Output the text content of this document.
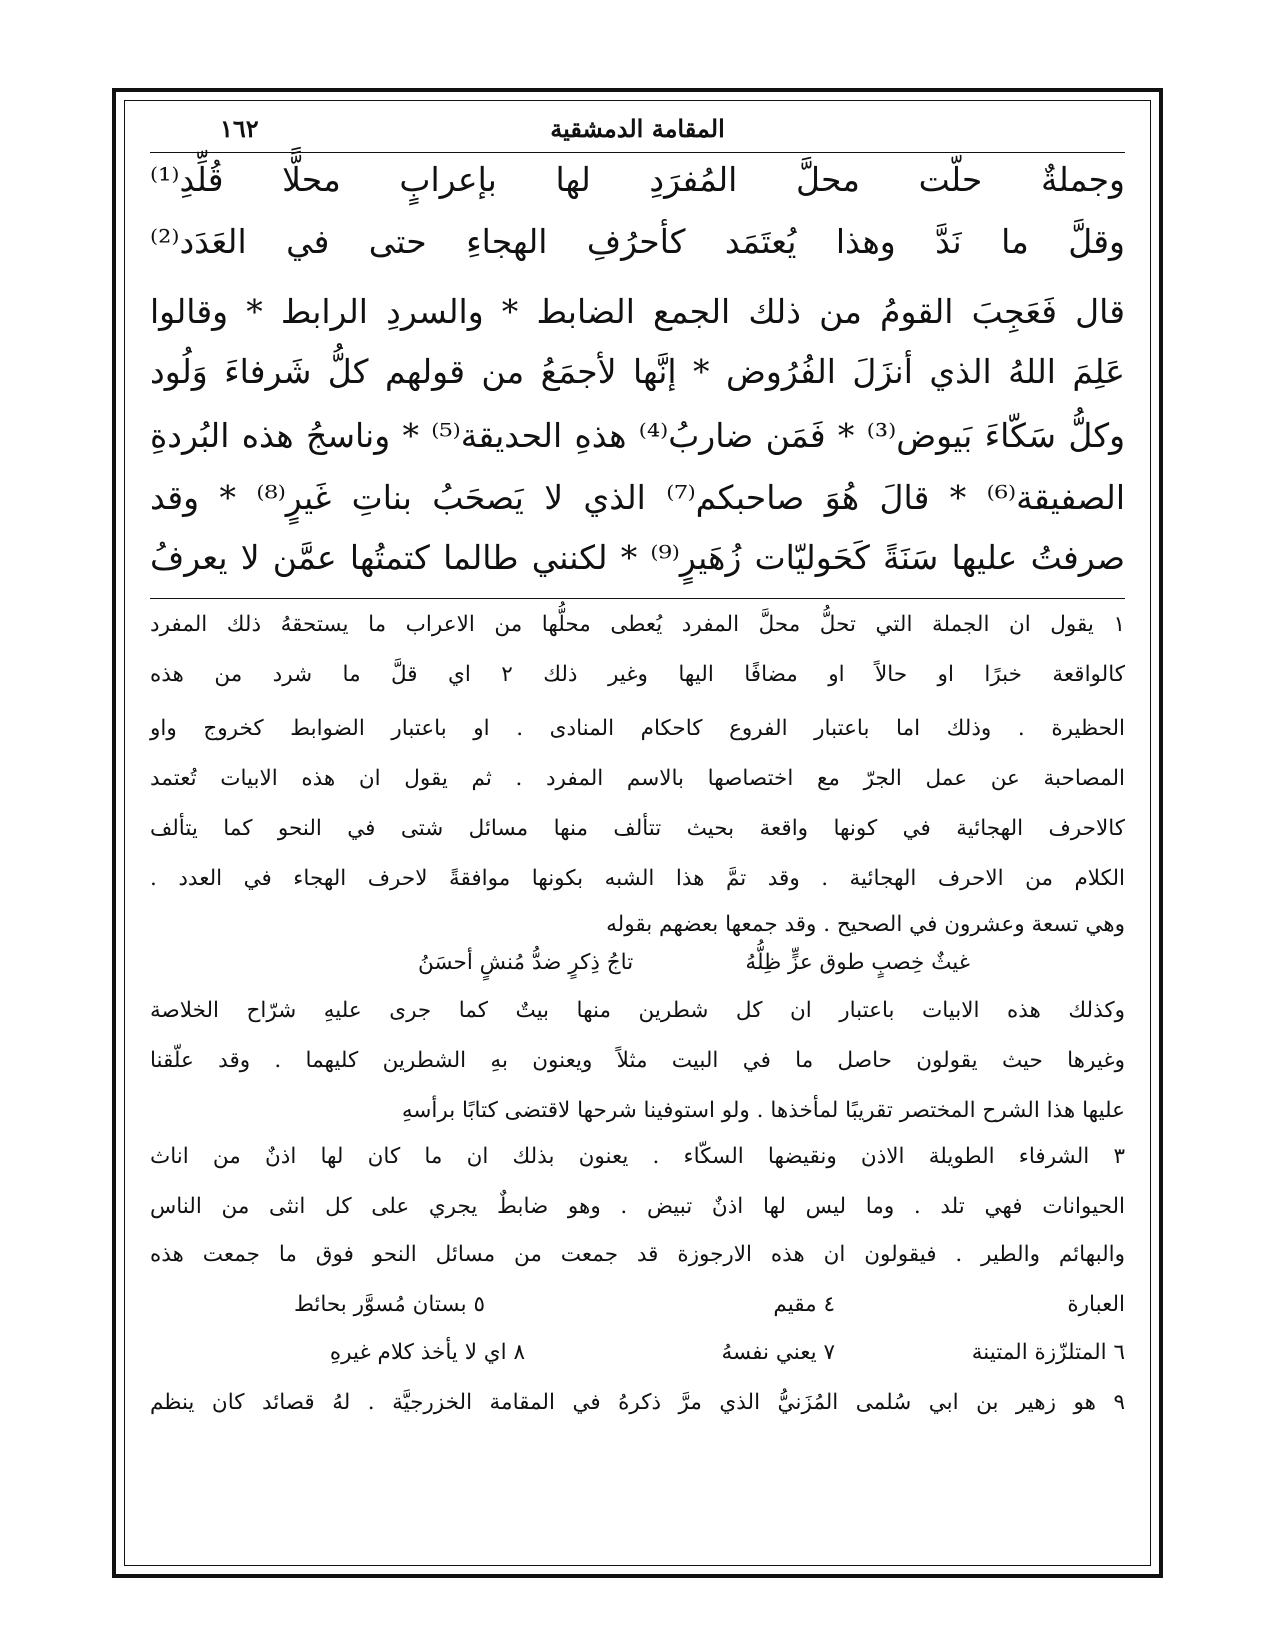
المقامة الدمشقية
١٦٢
وجملةٌ حلّت محلَّ المُفرَدِ لها بإعرابٍ محلًّا قُلِّدِ⁽¹⁾
وقلَّ ما نَدَّ وهذا يُعتَمَد كأحرُفِ الهجاءِ حتى في العَدَد⁽²⁾
قال فَعَجِبَ القومُ من ذلك الجمع الضابط * والسردِ الرابط * وقالوا
عَلِمَ اللهُ الذي أنزَلَ الفُرُوض * إنَّها لأجمَعُ من قولهم كلُّ شَرفاءَ وَلُود
وكلُّ سَكّاءَ بَيوض⁽³⁾ * فَمَن ضاربُ⁽⁴⁾ هذهِ الحديقة⁽⁵⁾ * وناسجُ هذه البُردةِ
الصفيقة⁽⁶⁾ * قالَ هُوَ صاحبكم⁽⁷⁾ الذي لا يَصحَبُ بناتِ غَيرٍ⁽⁸⁾ * وقد
صرفتُ عليها سَنَةً كَحَوليّات زُهَيرٍ⁽⁹⁾ * لكنني طالما كتمتُها عمَّن لا يعرفُ
١ يقول ان الجملة التي تحلُّ محلَّ المفرد يُعطى محلُّها من الاعراب ما يستحقهُ ذلك المفرد
كالواقعة خبرًا او حالاً او مضافًا اليها وغير ذلك ٢ اي قلَّ ما شرد من هذه
الحظيرة . وذلك اما باعتبار الفروع كاحكام المنادى . او باعتبار الضوابط كخروج واو
المصاحبة عن عمل الجرّ مع اختصاصها بالاسم المفرد . ثم يقول ان هذه الابيات تُعتمد
كالاحرف الهجائية في كونها واقعة بحيث تتألف منها مسائل شتى في النحو كما يتألف
الكلام من الاحرف الهجائية . وقد تمَّ هذا الشبه بكونها موافقةً لاحرف الهجاء في العدد .
وهي تسعة وعشرون في الصحيح . وقد جمعها بعضهم بقوله
غيثٌ خِصبٍ طوق عزٍّ ظِلُّهُ
تاجُ ذِكرٍ ضدُّ مُنشٍ أحسَنُ
وكذلك هذه الابيات باعتبار ان كل شطرين منها بيتٌ كما جرى عليهِ شرّاح الخلاصة
وغيرها حيث يقولون حاصل ما في البيت مثلاً ويعنون بهِ الشطرين كليهما . وقد علّقنا
عليها هذا الشرح المختصر تقريبًا لمأخذها . ولو استوفينا شرحها لاقتضى كتابًا برأسهِ
٣ الشرفاء الطويلة الاذن ونقيضها السكّاء . يعنون بذلك ان ما كان لها اذنٌ من اناث
الحيوانات فهي تلد . وما ليس لها اذنٌ تبيض . وهو ضابطٌ يجري على كل انثى من الناس
والبهائم والطير . فيقولون ان هذه الارجوزة قد جمعت من مسائل النحو فوق ما جمعت هذه
العبارة
٤ مقيم
٥ بستان مُسوَّر بحائط
٦ المتلزّزة المتينة
٧ يعني نفسهُ
٨ اي لا يأخذ كلام غيرهِ
٩ هو زهير بن ابي سُلمى المُزَنيُّ الذي مرَّ ذكرهُ في المقامة الخزرجيَّة . لهُ قصائد كان ينظم
